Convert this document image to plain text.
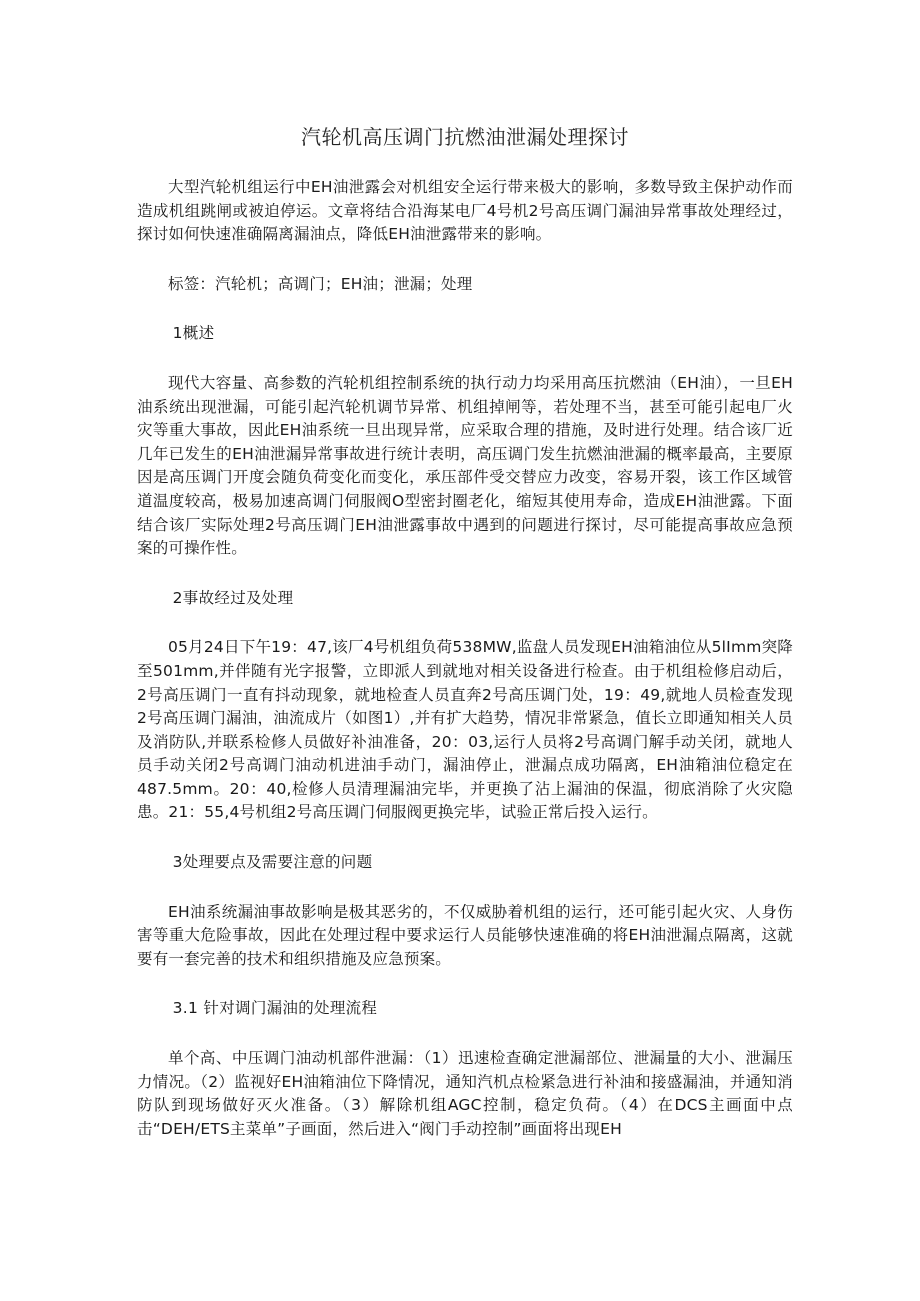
汽轮机高压调门抗燃油泄漏处理探讨

大型汽轮机组运行中EH油泄露会对机组安全运行带来极大的影响，多数导致主保护动作而造成机组跳闸或被迫停运。文章将结合沿海某电厂4号机2号高压调门漏油异常事故处理经过，探讨如何快速准确隔离漏油点，降低EH油泄露带来的影响。

标签：汽轮机；高调门；EH油；泄漏；处理

1概述

现代大容量、高参数的汽轮机组控制系统的执行动力均采用高压抗燃油（EH油），一旦EH油系统出现泄漏，可能引起汽轮机调节异常、机组掉闸等，若处理不当，甚至可能引起电厂火灾等重大事故，因此EH油系统一旦出现异常，应采取合理的措施，及时进行处理。结合该厂近几年已发生的EH油泄漏异常事故进行统计表明，高压调门发生抗燃油泄漏的概率最高，主要原因是高压调门开度会随负荷变化而变化，承压部件受交替应力改变，容易开裂，该工作区域管道温度较高，极易加速高调门伺服阀O型密封圈老化，缩短其使用寿命，造成EH油泄露。下面结合该厂实际处理2号高压调门EH油泄露事故中遇到的问题进行探讨，尽可能提高事故应急预案的可操作性。

2事故经过及处理

05月24日下午19：47,该厂4号机组负荷538MW,监盘人员发现EH油箱油位从5lImm突降至501mm,并伴随有光字报警，立即派人到就地对相关设备进行检查。由于机组检修启动后，2号高压调门一直有抖动现象，就地检查人员直奔2号高压调门处，19：49,就地人员检查发现2号高压调门漏油，油流成片（如图1）,并有扩大趋势，情况非常紧急，值长立即通知相关人员及消防队,并联系检修人员做好补油准备，20：03,运行人员将2号高调门解手动关闭，就地人员手动关闭2号高调门油动机进油手动门，漏油停止，泄漏点成功隔离，EH油箱油位稳定在487.5mm。20：40,检修人员清理漏油完毕，并更换了沾上漏油的保温，彻底消除了火灾隐患。21：55,4号机组2号高压调门伺服阀更换完毕，试验正常后投入运行。

3处理要点及需要注意的问题

EH油系统漏油事故影响是极其恶劣的，不仅威胁着机组的运行，还可能引起火灾、人身伤害等重大危险事故，因此在处理过程中要求运行人员能够快速准确的将EH油泄漏点隔离，这就要有一套完善的技术和组织措施及应急预案。

3.1 针对调门漏油的处理流程

单个高、中压调门油动机部件泄漏：（1）迅速检查确定泄漏部位、泄漏量的大小、泄漏压力情况。（2）监视好EH油箱油位下降情况，通知汽机点检紧急进行补油和接盛漏油，并通知消防队到现场做好灭火准备。（3）解除机组AGC控制，稳定负荷。（4）在DCS主画面中点击“DEH/ETS主菜单”子画面，然后进入“阀门手动控制”画面将出现EH
